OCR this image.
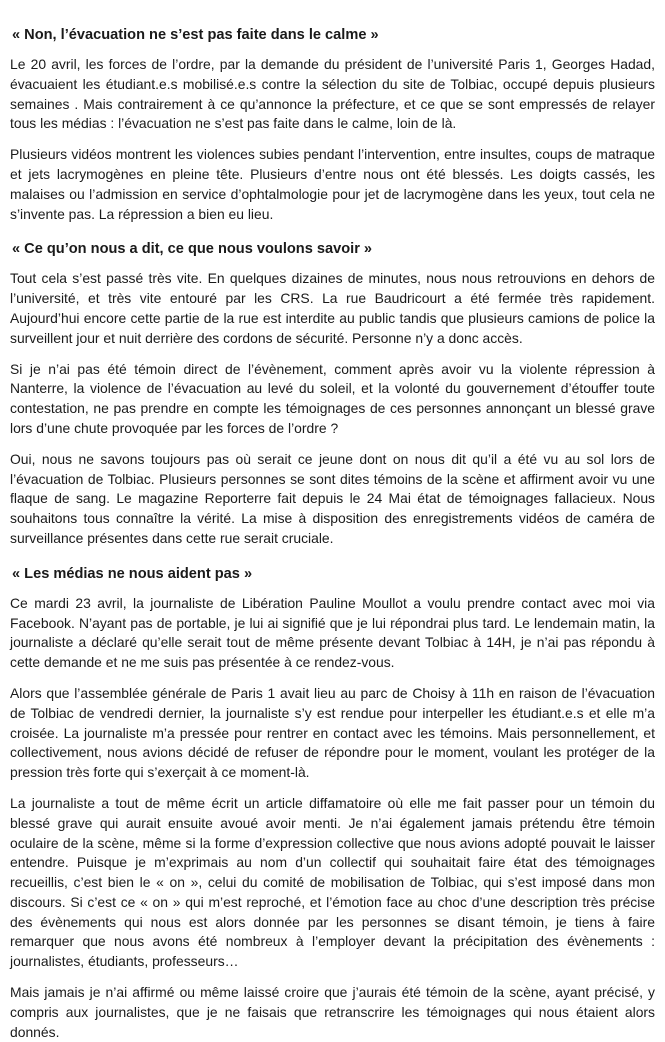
« Non, l’évacuation ne s’est pas faite dans le calme »

Le 20 avril, les forces de l’ordre, par la demande du président de l’université Paris 1, Georges Hadad, évacuaient les étudiant.e.s mobilisé.e.s contre la sélection du site de Tolbiac, occupé depuis plusieurs semaines . Mais contrairement à ce qu’annonce la préfecture, et ce que se sont empressés de relayer tous les médias : l’évacuation ne s’est pas faite dans le calme, loin de là.

Plusieurs vidéos montrent les violences subies pendant l’intervention, entre insultes, coups de matraque et jets lacrymogènes en pleine tête. Plusieurs d’entre nous ont été blessés. Les doigts cassés, les malaises ou l’admission en service d’ophtalmologie pour jet de lacrymogène dans les yeux, tout cela ne s’invente pas. La répression a bien eu lieu.

« Ce qu’on nous a dit, ce que nous voulons savoir »

Tout cela s’est passé très vite. En quelques dizaines de minutes, nous nous retrouvions en dehors de l’université, et très vite entouré par les CRS. La rue Baudricourt a été fermée très rapidement. Aujourd’hui encore cette partie de la rue est interdite au public tandis que plusieurs camions de police la surveillent jour et nuit derrière des cordons de sécurité. Personne n’y a donc accès.

Si je n’ai pas été témoin direct de l’évènement, comment après avoir vu la violente répression à Nanterre, la violence de l’évacuation au levé du soleil, et la volonté du gouvernement d’étouffer toute contestation, ne pas prendre en compte les témoignages de ces personnes annonçant un blessé grave lors d’une chute provoquée par les forces de l’ordre ?

Oui, nous ne savons toujours pas où serait ce jeune dont on nous dit qu’il a été vu au sol lors de l’évacuation de Tolbiac. Plusieurs personnes se sont dites témoins de la scène et affirment avoir vu une flaque de sang. Le magazine Reporterre fait depuis le 24 Mai état de témoignages fallacieux. Nous souhaitons tous connaître la vérité. La mise à disposition des enregistrements vidéos de caméra de surveillance présentes dans cette rue serait cruciale.

« Les médias ne nous aident pas »

Ce mardi 23 avril, la journaliste de Libération Pauline Moullot a voulu prendre contact avec moi via Facebook. N’ayant pas de portable, je lui ai signifié que je lui répondrai plus tard. Le lendemain matin, la journaliste a déclaré qu’elle serait tout de même présente devant Tolbiac à 14H, je n’ai pas répondu à cette demande et ne me suis pas présentée à ce rendez-vous.

Alors que l’assemblée générale de Paris 1 avait lieu au parc de Choisy à 11h en raison de l’évacuation de Tolbiac de vendredi dernier, la journaliste s’y est rendue pour interpeller les étudiant.e.s et elle m’a croisée. La journaliste m’a pressée pour rentrer en contact avec les témoins. Mais personnellement, et collectivement, nous avions décidé de refuser de répondre pour le moment, voulant les protéger de la pression très forte qui s’exerçait à ce moment-là.

La journaliste a tout de même écrit un article diffamatoire où elle me fait passer pour un témoin du blessé grave qui aurait ensuite avoué avoir menti. Je n’ai également jamais prétendu être témoin oculaire de la scène, même si la forme d’expression collective que nous avions adopté pouvait le laisser entendre. Puisque je m’exprimais au nom d’un collectif qui souhaitait faire état des témoignages recueillis, c’est bien le « on », celui du comité de mobilisation de Tolbiac, qui s’est imposé dans mon discours. Si c’est ce « on » qui m’est reproché, et l’émotion face au choc d’une description très précise des évènements qui nous est alors donnée par les personnes se disant témoin, je tiens à faire remarquer que nous avons été nombreux à l’employer devant la précipitation des évènements : journalistes, étudiants, professeurs…

Mais jamais je n’ai affirmé ou même laissé croire que j’aurais été témoin de la scène, ayant précisé, y compris aux journalistes, que je ne faisais que retranscrire les témoignages qui nous étaient alors donnés.
